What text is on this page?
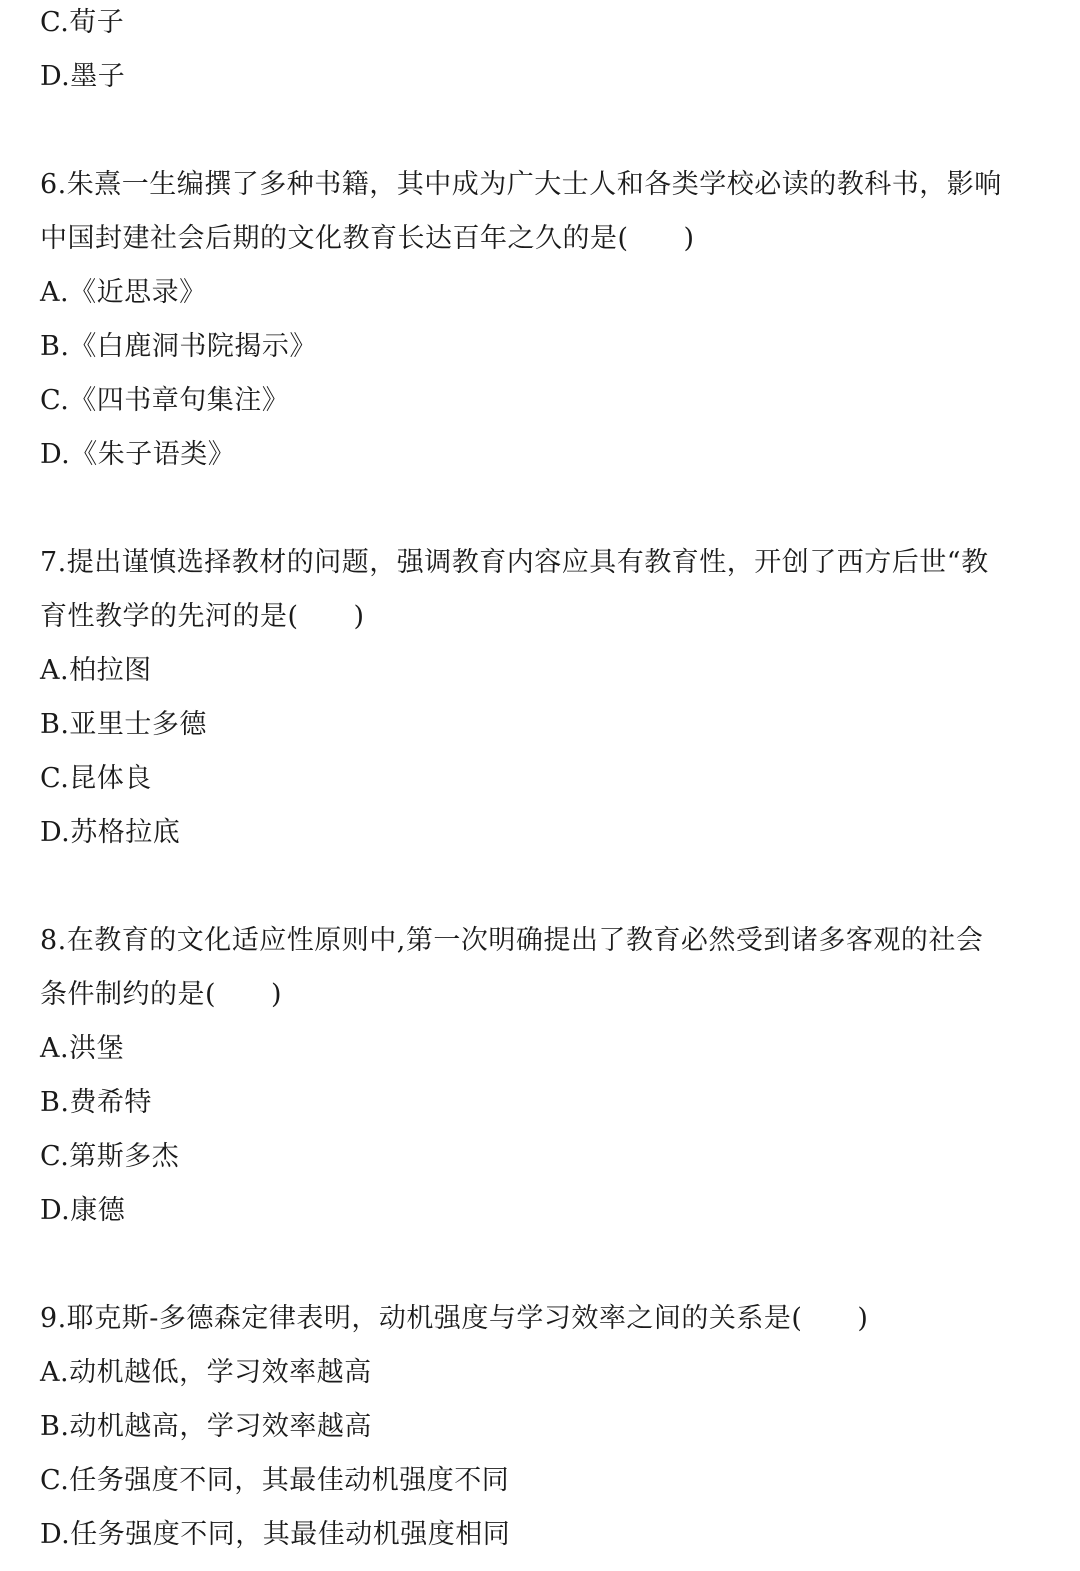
C.荀子
D.墨子
6.朱熹一生编撰了多种书籍，其中成为广大士人和各类学校必读的教科书，影响
中国封建社会后期的文化教育长达百年之久的是(　　)
A.《近思录》
B.《白鹿洞书院揭示》
C.《四书章句集注》
D.《朱子语类》
7.提出谨慎选择教材的问题，强调教育内容应具有教育性，开创了西方后世“教
育性教学的先河的是(　　)
A.柏拉图
B.亚里士多德
C.昆体良
D.苏格拉底
8.在教育的文化适应性原则中,第一次明确提出了教育必然受到诸多客观的社会
条件制约的是(　　)
A.洪堡
B.费希特
C.第斯多杰
D.康德
9.耶克斯-多德森定律表明，动机强度与学习效率之间的关系是(　　)
A.动机越低，学习效率越高
B.动机越高，学习效率越高
C.任务强度不同，其最佳动机强度不同
D.任务强度不同，其最佳动机强度相同
